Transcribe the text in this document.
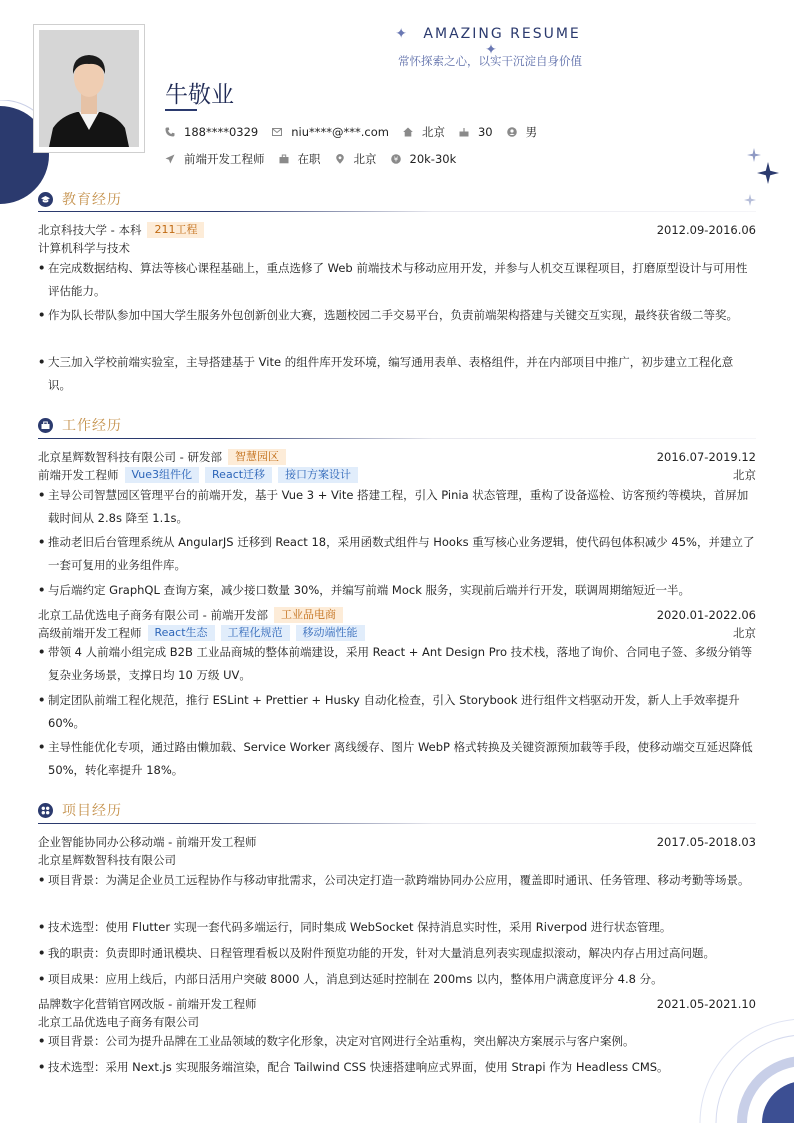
✦ AMAZING RESUME ✦
常怀探索之心，以实干沉淀自身价值
牛敬业
188****0329	niu****@***.com	北京	30	男
前端开发工程师	在职	北京 ¥ 20k-30k
教育经历
北京科技大学 - 本科	211工程	2012.09-2016.06
计算机科学与技术
• 在完成数据结构、算法等核心课程基础上，重点选修了 Web 前端技术与移动应用开发，并参与人机交互课程项目，打磨原型设计与可用性评估能力。
• 作为队长带队参加中国大学生服务外包创新创业大赛，选题校园二手交易平台，负责前端架构搭建与关键交互实现，最终获省级二等奖。
• 大三加入学校前端实验室，主导搭建基于 Vite 的组件库开发环境，编写通用表单、表格组件，并在内部项目中推广，初步建立工程化意识。
工作经历
北京星辉数智科技有限公司 - 研发部	智慧园区	2016.07-2019.12
前端开发工程师	Vue3组件化	React迁移	接口方案设计	北京
• 主导公司智慧园区管理平台的前端开发，基于 Vue 3 + Vite 搭建工程，引入 Pinia 状态管理，重构了设备巡检、访客预约等模块，首屏加载时间从 2.8s 降至 1.1s。
• 推动老旧后台管理系统从 AngularJS 迁移到 React 18，采用函数式组件与 Hooks 重写核心业务逻辑，使代码包体积减少 45%，并建立了一套可复用的业务组件库。
• 与后端约定 GraphQL 查询方案，减少接口数量 30%，并编写前端 Mock 服务，实现前后端并行开发，联调周期缩短近一半。
北京工品优选电子商务有限公司 - 前端开发部	工业品电商	2020.01-2022.06
高级前端开发工程师	React生态	工程化规范	移动端性能	北京
• 带领 4 人前端小组完成 B2B 工业品商城的整体前端建设，采用 React + Ant Design Pro 技术栈，落地了询价、合同电子签、多级分销等复杂业务场景，支撑日均 10 万级 UV。
• 制定团队前端工程化规范，推行 ESLint + Prettier + Husky 自动化检查，引入 Storybook 进行组件文档驱动开发，新人上手效率提升 60%。
• 主导性能优化专项，通过路由懒加载、Service Worker 离线缓存、图片 WebP 格式转换及关键资源预加载等手段，使移动端交互延迟降低 50%，转化率提升 18%。
项目经历
企业智能协同办公移动端 - 前端开发工程师	2017.05-2018.03
北京星辉数智科技有限公司
• 项目背景：为满足企业员工远程协作与移动审批需求，公司决定打造一款跨端协同办公应用，覆盖即时通讯、任务管理、移动考勤等场景。
• 技术选型：使用 Flutter 实现一套代码多端运行，同时集成 WebSocket 保持消息实时性，采用 Riverpod 进行状态管理。
• 我的职责：负责即时通讯模块、日程管理看板以及附件预览功能的开发，针对大量消息列表实现虚拟滚动，解决内存占用过高问题。
• 项目成果：应用上线后，内部日活用户突破 8000 人，消息到达延时控制在 200ms 以内，整体用户满意度评分 4.8 分。
品牌数字化营销官网改版 - 前端开发工程师	2021.05-2021.10
北京工品优选电子商务有限公司
• 项目背景：公司为提升品牌在工业品领域的数字化形象，决定对官网进行全站重构，突出解决方案展示与客户案例。
• 技术选型：采用 Next.js 实现服务端渲染，配合 Tailwind CSS 快速搭建响应式界面，使用 Strapi 作为 Headless CMS。
